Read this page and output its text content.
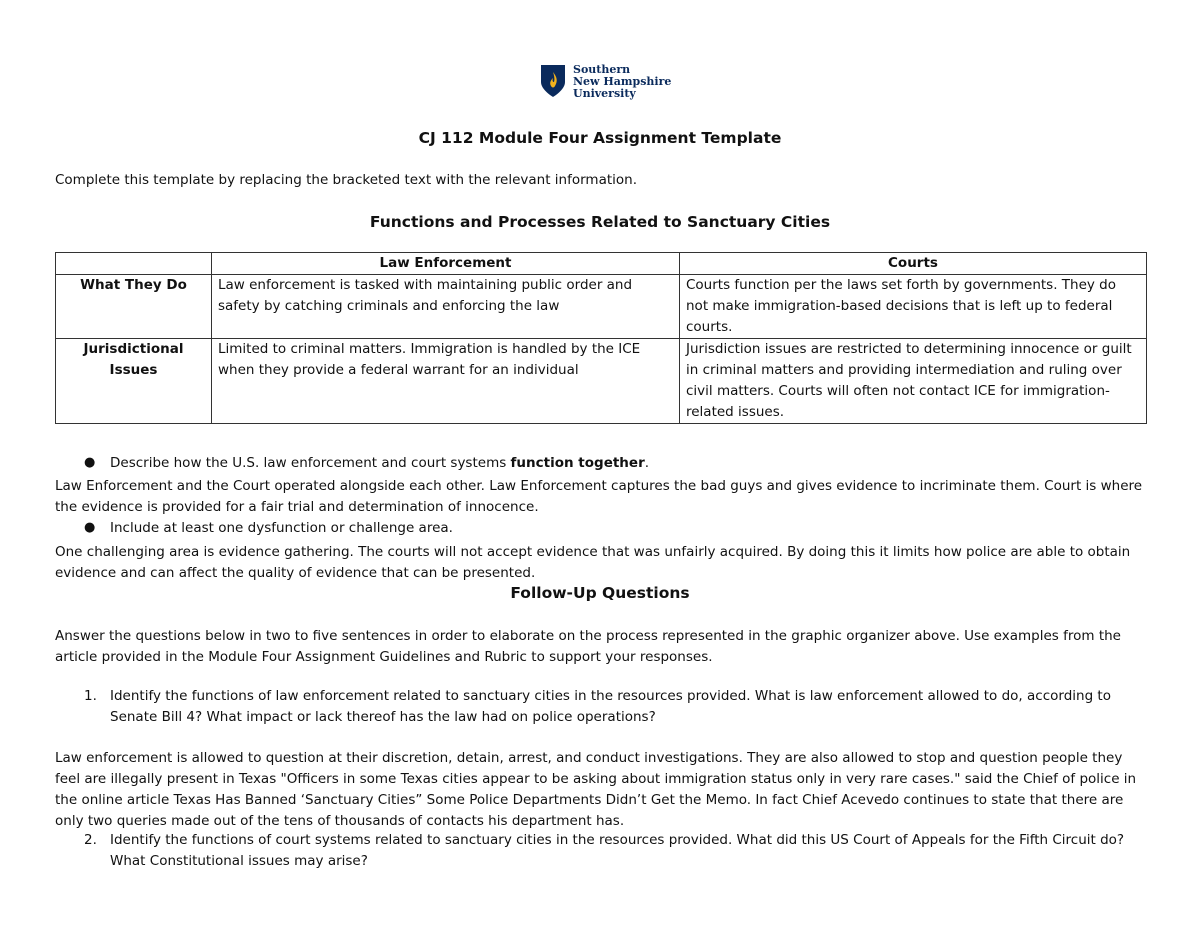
Southern
New Hampshire
University
CJ 112 Module Four Assignment Template
Complete this template by replacing the bracketed text with the relevant information.
Functions and Processes Related to Sanctuary Cities
	Law Enforcement	Courts
What They Do	Law enforcement is tasked with maintaining public order and safety by catching criminals and enforcing the law	Courts function per the laws set forth by governments. They do not make immigration-based decisions that is left up to federal courts.
Jurisdictional Issues	Limited to criminal matters. Immigration is handled by the ICE when they provide a federal warrant for an individual	Jurisdiction issues are restricted to determining innocence or guilt in criminal matters and providing intermediation and ruling over civil matters. Courts will often not contact ICE for immigration-related issues.
●	Describe how the U.S. law enforcement and court systems function together.
Law Enforcement and the Court operated alongside each other. Law Enforcement captures the bad guys and gives evidence to incriminate them. Court is where the evidence is provided for a fair trial and determination of innocence.
●	Include at least one dysfunction or challenge area.
One challenging area is evidence gathering. The courts will not accept evidence that was unfairly acquired. By doing this it limits how police are able to obtain evidence and can affect the quality of evidence that can be presented.
Follow-Up Questions
Answer the questions below in two to five sentences in order to elaborate on the process represented in the graphic organizer above. Use examples from the article provided in the Module Four Assignment Guidelines and Rubric to support your responses.
1. Identify the functions of law enforcement related to sanctuary cities in the resources provided. What is law enforcement allowed to do, according to Senate Bill 4? What impact or lack thereof has the law had on police operations?
Law enforcement is allowed to question at their discretion, detain, arrest, and conduct investigations. They are also allowed to stop and question people they feel are illegally present in Texas "Officers in some Texas cities appear to be asking about immigration status only in very rare cases." said the Chief of police in the online article Texas Has Banned ‘Sanctuary Cities” Some Police Departments Didn’t Get the Memo. In fact Chief Acevedo continues to state that there are only two queries made out of the tens of thousands of contacts his department has.
2. Identify the functions of court systems related to sanctuary cities in the resources provided. What did this US Court of Appeals for the Fifth Circuit do? What Constitutional issues may arise?
